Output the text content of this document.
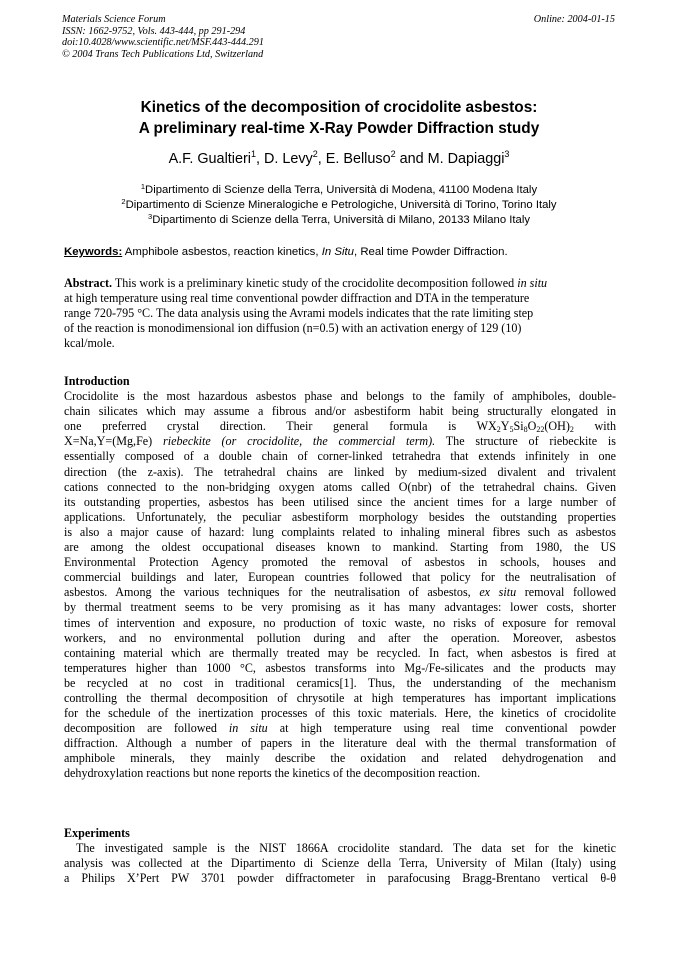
Materials Science Forum
ISSN: 1662-9752, Vols. 443-444, pp 291-294
doi:10.4028/www.scientific.net/MSF.443-444.291
© 2004 Trans Tech Publications Ltd, Switzerland
Online: 2004-01-15
Kinetics of the decomposition of crocidolite asbestos:
A preliminary real-time X-Ray Powder Diffraction study
A.F. Gualtieri$^1$, D. Levy$^2$, E. Belluso$^2$ and M. Dapiaggi$^3$
$^1$Dipartimento di Scienze della Terra, Università di Modena, 41100 Modena Italy
$^2$Dipartimento di Scienze Mineralogiche e Petrologiche, Università di Torino, Torino Italy
$^3$Dipartimento di Scienze della Terra, Università di Milano, 20133 Milano Italy
Keywords: Amphibole asbestos, reaction kinetics, In Situ, Real time Powder Diffraction.
Abstract. This work is a preliminary kinetic study of the crocidolite decomposition followed in situ
at high temperature using real time conventional powder diffraction and DTA in the temperature
range 720-795 °C. The data analysis using the Avrami models indicates that the rate limiting step
of the reaction is monodimensional ion diffusion (n=0.5) with an activation energy of 129 (10)
kcal/mole.
Introduction
Crocidolite is the most hazardous asbestos phase and belongs to the family of amphiboles, double-
chain silicates which may assume a fibrous and/or asbestiform habit being structurally elongated in
one preferred crystal direction. Their general formula is $WX_2Y_5Si_8O_{22}(OH)_2$ with
X=Na,Y=(Mg,Fe) riebeckite (or crocidolite, the commercial term). The structure of riebeckite is
essentially composed of a double chain of corner-linked tetrahedra that extends infinitely in one
direction (the z-axis). The tetrahedral chains are linked by medium-sized divalent and trivalent
cations connected to the non-bridging oxygen atoms called O(nbr) of the tetrahedral chains. Given
its outstanding properties, asbestos has been utilised since the ancient times for a large number of
applications. Unfortunately, the peculiar asbestiform morphology besides the outstanding properties
is also a major cause of hazard: lung complaints related to inhaling mineral fibres such as asbestos
are among the oldest occupational diseases known to mankind. Starting from 1980, the US
Environmental Protection Agency promoted the removal of asbestos in schools, houses and
commercial buildings and later, European countries followed that policy for the neutralisation of
asbestos. Among the various techniques for the neutralisation of asbestos, ex situ removal followed
by thermal treatment seems to be very promising as it has many advantages: lower costs, shorter
times of intervention and exposure, no production of toxic waste, no risks of exposure for removal
workers, and no environmental pollution during and after the operation. Moreover, asbestos
containing material which are thermally treated may be recycled. In fact, when asbestos is fired at
temperatures higher than 1000 °C, asbestos transforms into Mg-/Fe-silicates and the products may
be recycled at no cost in traditional ceramics[1]. Thus, the understanding of the mechanism
controlling the thermal decomposition of chrysotile at high temperatures has important implications
for the schedule of the inertization processes of this toxic materials. Here, the kinetics of crocidolite
decomposition are followed in situ at high temperature using real time conventional powder
diffraction. Although a number of papers in the literature deal with the thermal transformation of
amphibole minerals, they mainly describe the oxidation and related dehydrogenation and
dehydroxylation reactions but none reports the kinetics of the decomposition reaction.
Experiments
The investigated sample is the NIST 1866A crocidolite standard. The data set for the kinetic
analysis was collected at the Dipartimento di Scienze della Terra, University of Milan (Italy) using
a Philips X’Pert PW 3701 powder diffractometer in parafocusing Bragg-Brentano vertical θ-θ
